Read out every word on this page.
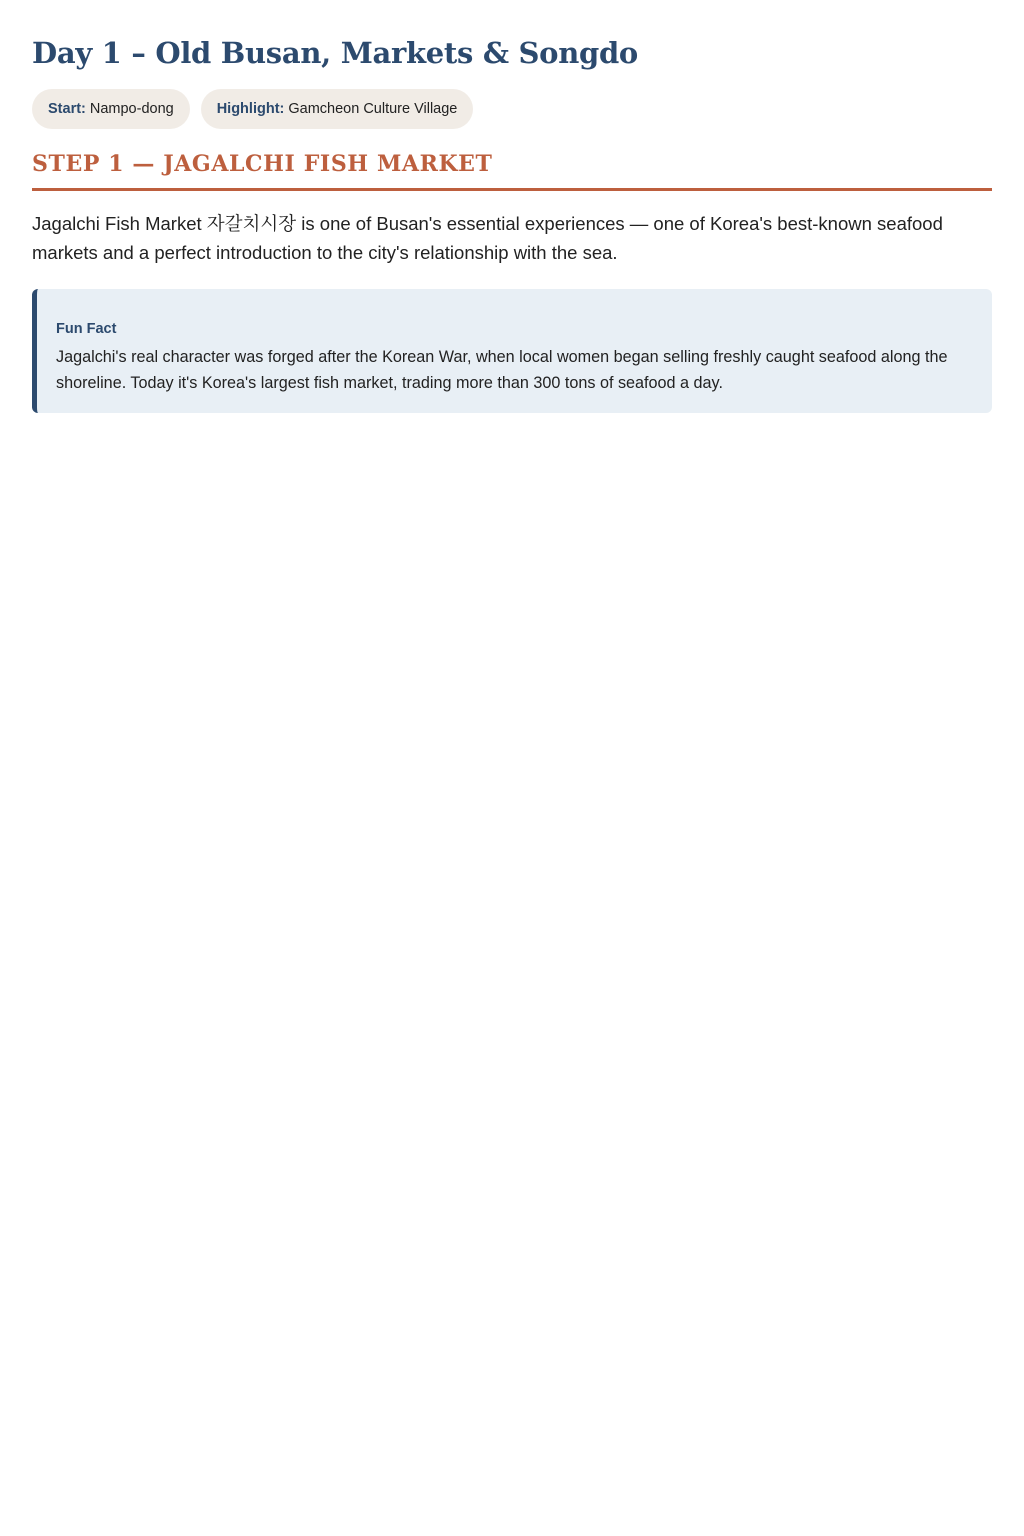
Day 1 – Old Busan, Markets & Songdo
Start: Nampo-dong	Highlight: Gamcheon Culture Village
STEP 1 — JAGALCHI FISH MARKET

Jagalchi Fish Market 자갈치시장 is one of Busan's essential experiences — one of Korea's best-known seafood markets and a perfect introduction to the city's relationship with the sea.

Fun Fact
Jagalchi's real character was forged after the Korean War, when local women began selling freshly caught seafood along the shoreline. Today it's Korea's largest fish market, trading more than 300 tons of seafood a day.
